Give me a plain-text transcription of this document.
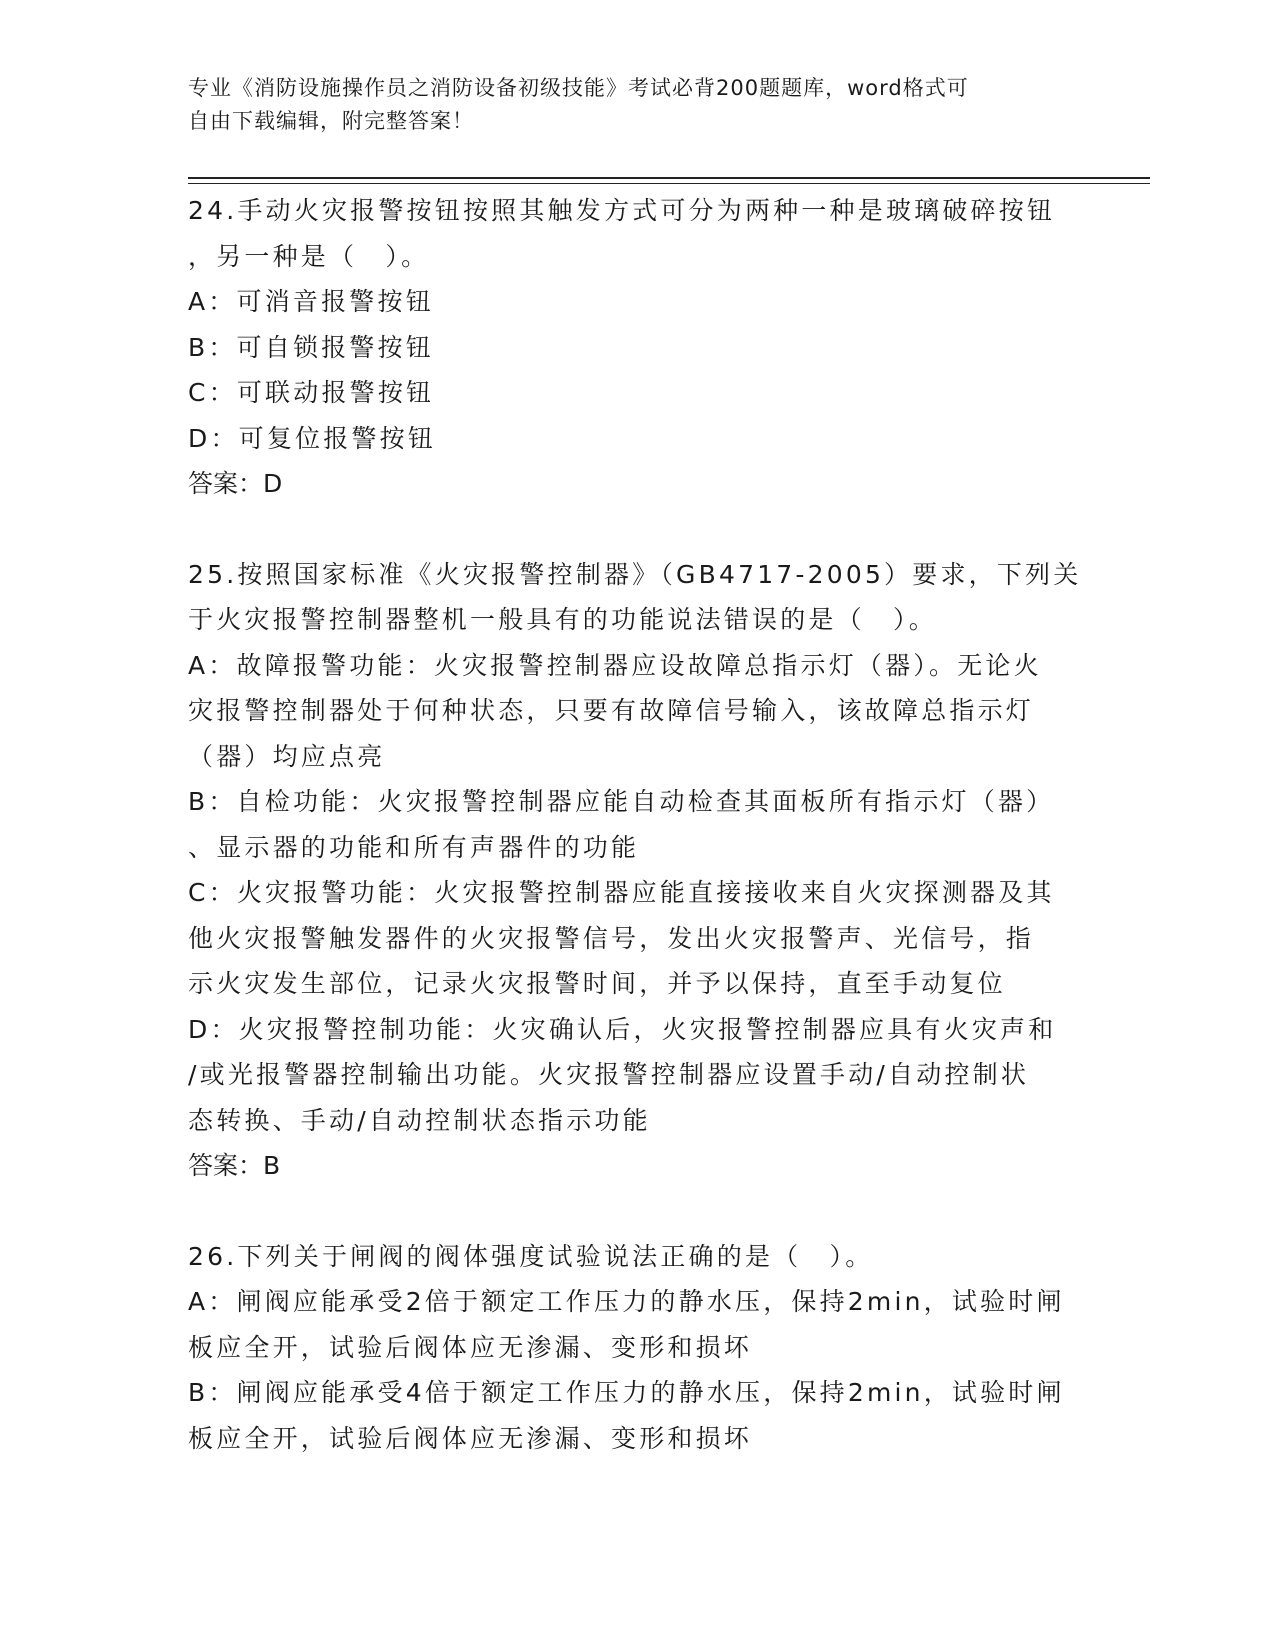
专业《消防设施操作员之消防设备初级技能》考试必背200题题库，word格式可
自由下载编辑，附完整答案！
24.手动火灾报警按钮按照其触发方式可分为两种一种是玻璃破碎按钮
，另一种是（　）。
A：可消音报警按钮
B：可自锁报警按钮
C：可联动报警按钮
D：可复位报警按钮
答案：D
25.按照国家标准《火灾报警控制器》（GB4717-2005）要求，下列关
于火灾报警控制器整机一般具有的功能说法错误的是（　）。
A：故障报警功能：火灾报警控制器应设故障总指示灯（器）。无论火
灾报警控制器处于何种状态，只要有故障信号输入，该故障总指示灯
（器）均应点亮
B：自检功能：火灾报警控制器应能自动检查其面板所有指示灯（器）
、显示器的功能和所有声器件的功能
C：火灾报警功能：火灾报警控制器应能直接接收来自火灾探测器及其
他火灾报警触发器件的火灾报警信号，发出火灾报警声、光信号，指
示火灾发生部位，记录火灾报警时间，并予以保持，直至手动复位
D：火灾报警控制功能：火灾确认后，火灾报警控制器应具有火灾声和
/或光报警器控制输出功能。火灾报警控制器应设置手动/自动控制状
态转换、手动/自动控制状态指示功能
答案：B
26.下列关于闸阀的阀体强度试验说法正确的是（　）。
A：闸阀应能承受2倍于额定工作压力的静水压，保持2min，试验时闸
板应全开，试验后阀体应无渗漏、变形和损坏
B：闸阀应能承受4倍于额定工作压力的静水压，保持2min，试验时闸
板应全开，试验后阀体应无渗漏、变形和损坏
